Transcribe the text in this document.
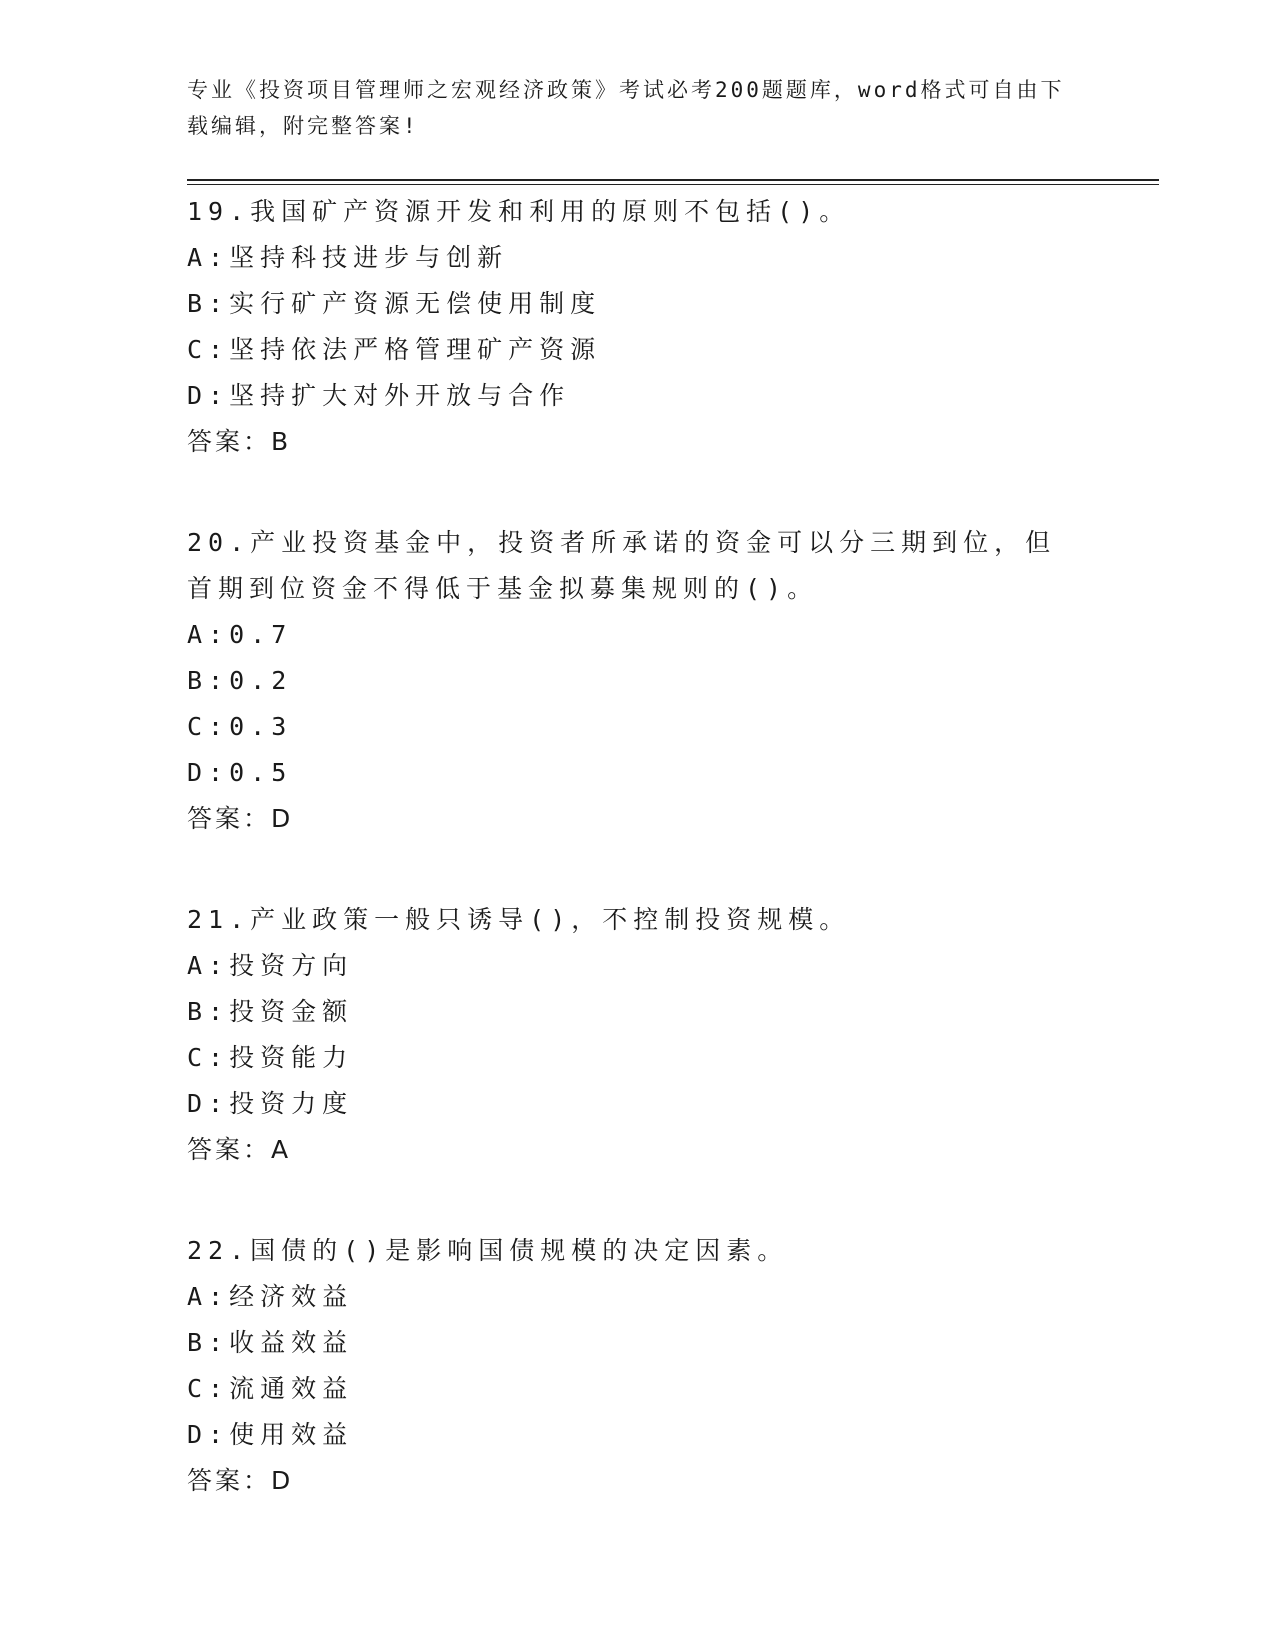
专业《投资项目管理师之宏观经济政策》考试必考200题题库，word格式可自由下载编辑，附完整答案!
19.我国矿产资源开发和利用的原则不包括()。
A:坚持科技进步与创新
B:实行矿产资源无偿使用制度
C:坚持依法严格管理矿产资源
D:坚持扩大对外开放与合作
答案：B
20.产业投资基金中，投资者所承诺的资金可以分三期到位，但首期到位资金不得低于基金拟募集规则的()。
A:0.7
B:0.2
C:0.3
D:0.5
答案：D
21.产业政策一般只诱导()，不控制投资规模。
A:投资方向
B:投资金额
C:投资能力
D:投资力度
答案：A
22.国债的()是影响国债规模的决定因素。
A:经济效益
B:收益效益
C:流通效益
D:使用效益
答案：D
